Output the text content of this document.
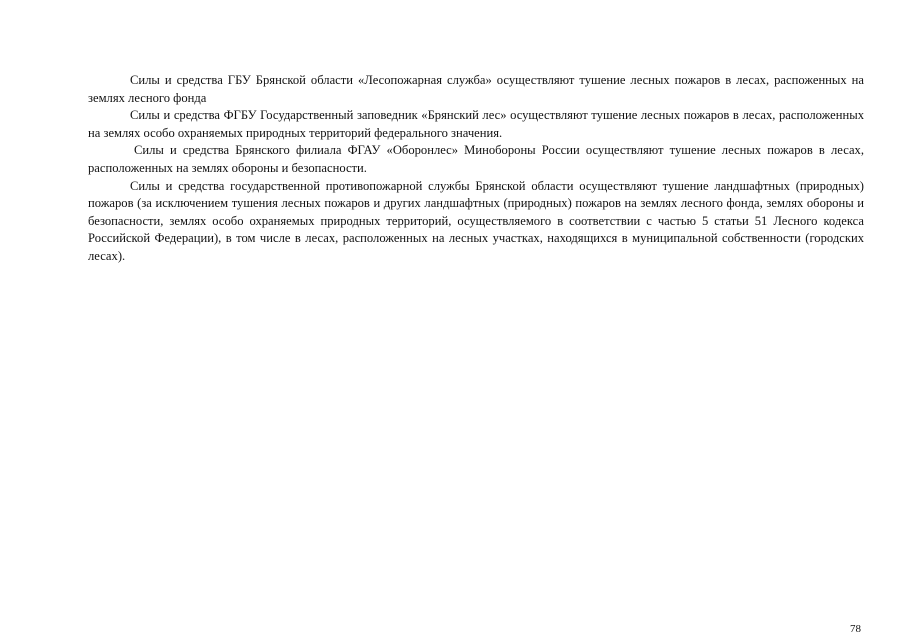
Силы и средства ГБУ Брянской области «Лесопожарная служба» осуществляют тушение лесных пожаров в лесах, распоженных на землях лесного фонда

Силы и средства ФГБУ Государственный заповедник «Брянский лес» осуществляют тушение лесных пожаров в лесах, расположенных на землях особо охраняемых природных территорий федерального значения.

Силы и средства Брянского филиала ФГАУ «Оборонлес» Минобороны России осуществляют тушение лесных пожаров в лесах, расположенных на землях обороны и безопасности.

Силы и средства государственной противопожарной службы Брянской области осуществляют тушение ландшафтных (природных) пожаров (за исключением тушения лесных пожаров и других ландшафтных (природных) пожаров на землях лесного фонда, землях обороны и безопасности, землях особо охраняемых природных территорий, осуществляемого в соответствии с частью 5 статьи 51 Лесного кодекса Российской Федерации), в том числе в лесах, расположенных на лесных участках, находящихся в муниципальной собственности (городских лесах).

78
